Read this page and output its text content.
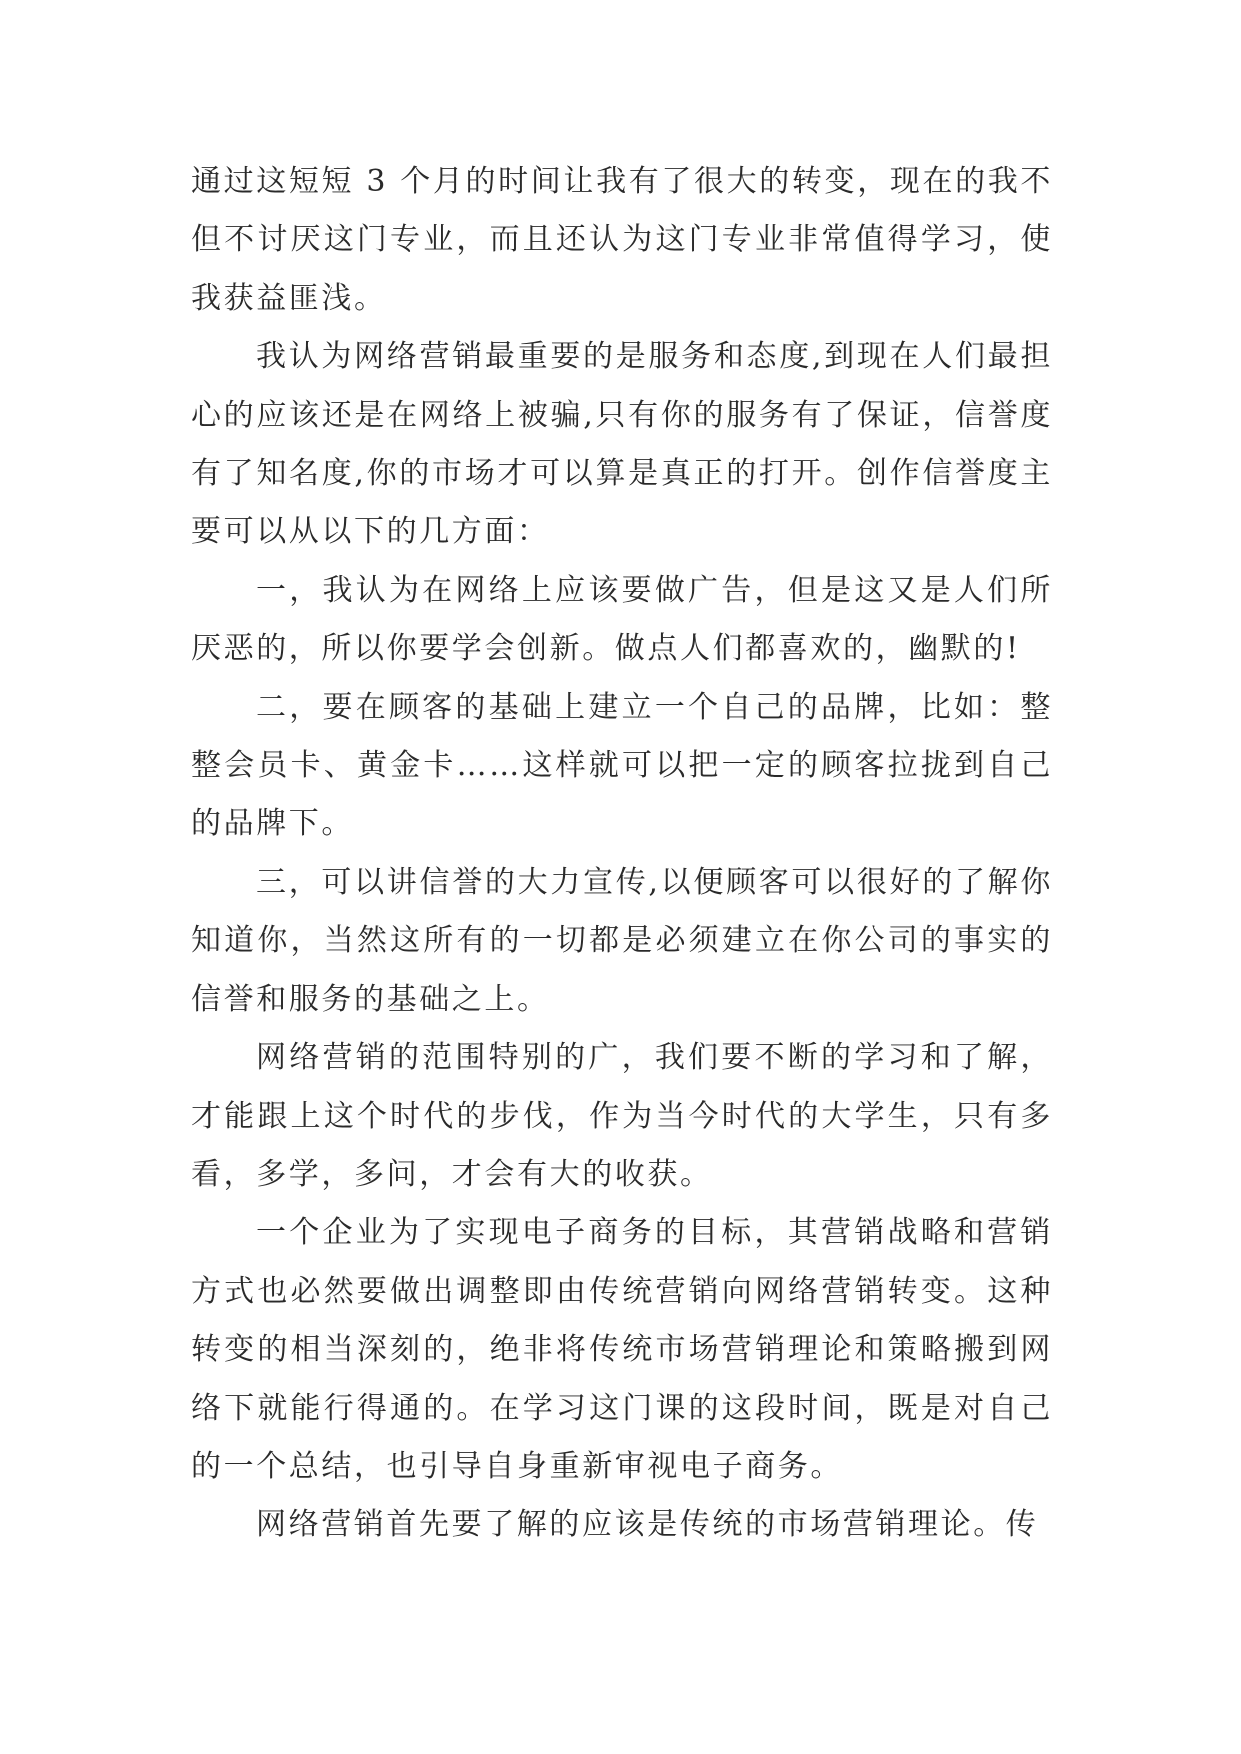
通过这短短 3 个月的时间让我有了很大的转变，现在的我不但不讨厌这门专业，而且还认为这门专业非常值得学习，使我获益匪浅。

我认为网络营销最重要的是服务和态度,到现在人们最担心的应该还是在网络上被骗,只有你的服务有了保证，信誉度有了知名度,你的市场才可以算是真正的打开。创作信誉度主要可以从以下的几方面：

一，我认为在网络上应该要做广告，但是这又是人们所厌恶的，所以你要学会创新。做点人们都喜欢的，幽默的!

二，要在顾客的基础上建立一个自己的品牌，比如：整整会员卡、黄金卡……这样就可以把一定的顾客拉拢到自己的品牌下。

三，可以讲信誉的大力宣传,以便顾客可以很好的了解你知道你，当然这所有的一切都是必须建立在你公司的事实的信誉和服务的基础之上。

网络营销的范围特别的广，我们要不断的学习和了解，才能跟上这个时代的步伐，作为当今时代的大学生，只有多看，多学，多问，才会有大的收获。

一个企业为了实现电子商务的目标，其营销战略和营销方式也必然要做出调整即由传统营销向网络营销转变。这种转变的相当深刻的，绝非将传统市场营销理论和策略搬到网络下就能行得通的。在学习这门课的这段时间，既是对自己的一个总结，也引导自身重新审视电子商务。

网络营销首先要了解的应该是传统的市场营销理论。传
